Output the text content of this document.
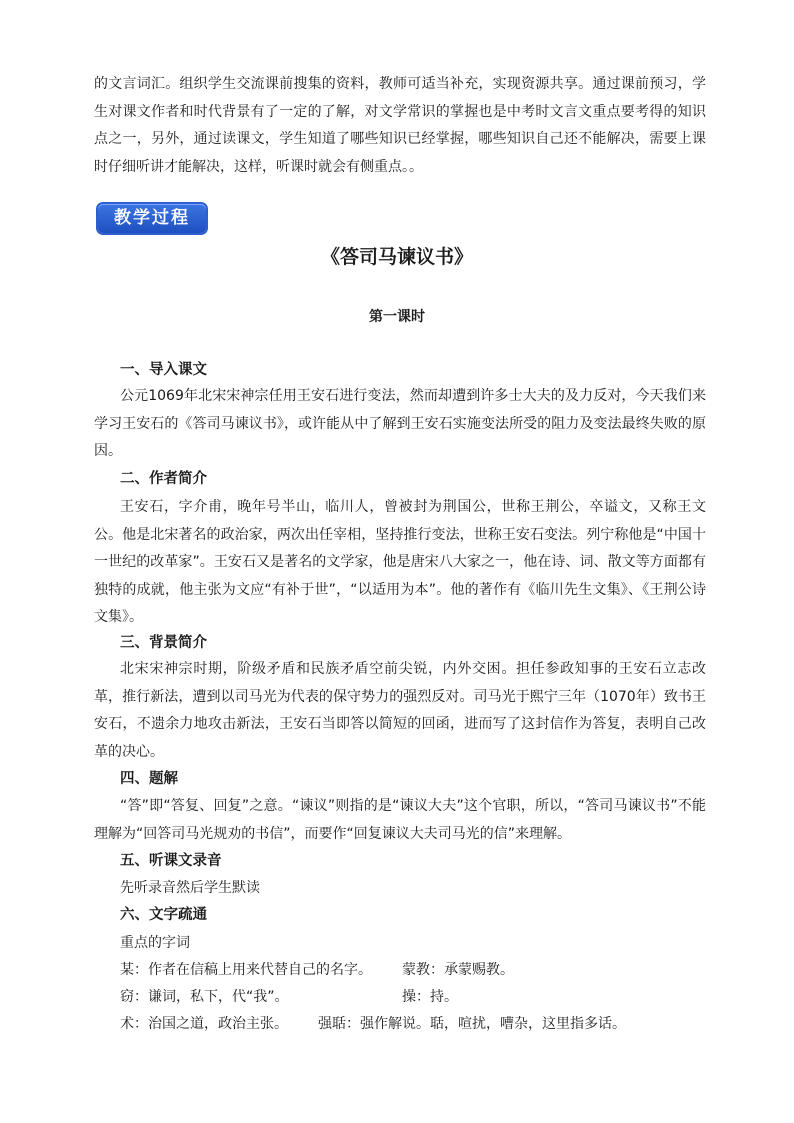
的文言词汇。组织学生交流课前搜集的资料，教师可适当补充，实现资源共享。通过课前预习，学生对课文作者和时代背景有了一定的了解，对文学常识的掌握也是中考时文言文重点要考得的知识点之一，另外，通过读课文，学生知道了哪些知识已经掌握，哪些知识自己还不能解决，需要上课时仔细听讲才能解决，这样，听课时就会有侧重点。。

教学过程
《答司马谏议书》
第一课时

一、导入课文

公元1069年北宋宋神宗任用王安石进行变法，然而却遭到许多士大夫的及力反对，今天我们来学习王安石的《答司马谏议书》，或许能从中了解到王安石实施变法所受的阻力及变法最终失败的原因。

二、作者简介

王安石，字介甫，晚年号半山，临川人，曾被封为荆国公，世称王荆公，卒谥文，又称王文公。他是北宋著名的政治家，两次出任宰相，坚持推行变法，世称王安石变法。列宁称他是“中国十一世纪的改革家”。王安石又是著名的文学家，他是唐宋八大家之一，他在诗、词、散文等方面都有独特的成就，他主张为文应“有补于世”，“以适用为本”。他的著作有《临川先生文集》、《王荆公诗文集》。

三、背景简介

北宋宋神宗时期，阶级矛盾和民族矛盾空前尖锐，内外交困。担任参政知事的王安石立志改革，推行新法，遭到以司马光为代表的保守势力的强烈反对。司马光于熙宁三年（1070年）致书王安石，不遗余力地攻击新法，王安石当即答以简短的回函，进而写了这封信作为答复，表明自己改革的决心。

四、题解

“答”即“答复、回复”之意。“谏议”则指的是“谏议大夫”这个官职，所以，“答司马谏议书”不能理解为“回答司马光规劝的书信”，而要作“回复谏议大夫司马光的信”来理解。

五、听课文录音

先听录音然后学生默读

六、文字疏通

重点的字词

某：作者在信稿上用来代替自己的名字。 蒙教：承蒙赐教。

窃：谦词，私下，代“我”。	操：持。

术：治国之道，政治主张。 强聒：强作解说。聒，喧扰，嘈杂，这里指多话。
